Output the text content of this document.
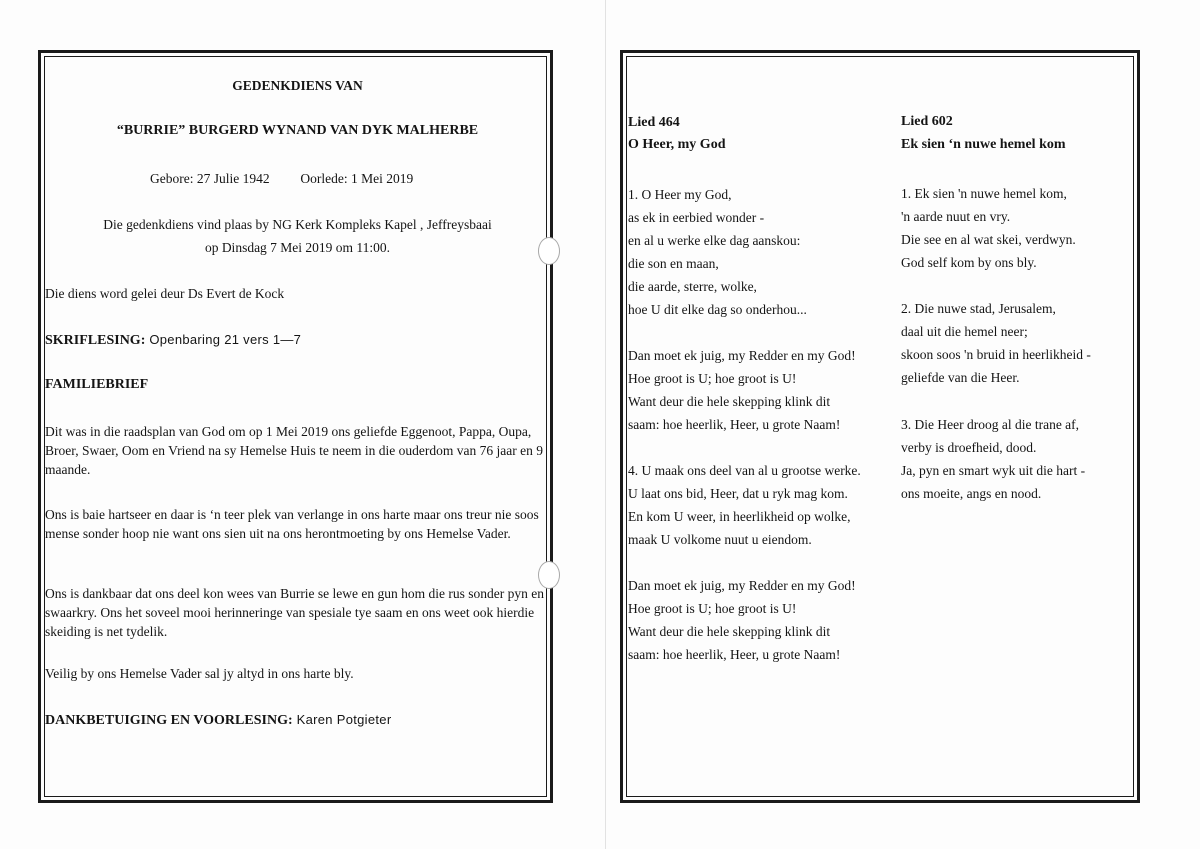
GEDENKDIENS VAN
“BURRIE” BURGERD WYNAND VAN DYK MALHERBE
Gebore: 27 Julie 1942 Oorlede: 1 Mei 2019
Die gedenkdiens vind plaas by NG Kerk Kompleks Kapel , Jeffreysbaai
op Dinsdag 7 Mei 2019 om 11:00.
Die diens word gelei deur Ds Evert de Kock
SKRIFLESING: Openbaring 21 vers 1—7
FAMILIEBRIEF
Dit was in die raadsplan van God om op 1 Mei 2019 ons geliefde Eggenoot, Pappa, Oupa, Broer, Swaer, Oom en Vriend na sy Hemelse Huis te neem in die ouderdom van 76 jaar en 9 maande.
Ons is baie hartseer en daar is ‘n teer plek van verlange in ons harte maar ons treur nie soos mense sonder hoop nie want ons sien uit na ons herontmoeting by ons Hemelse Vader.
Ons is dankbaar dat ons deel kon wees van Burrie se lewe en gun hom die rus sonder pyn en swaarkry. Ons het soveel mooi herinneringe van spesiale tye saam en ons weet ook hierdie skeiding is net tydelik.
Veilig by ons Hemelse Vader sal jy altyd in ons harte bly.
DANKBETUIGING EN VOORLESING: Karen Potgieter
Lied 464
O Heer, my God
1. O Heer my God,
as ek in eerbied wonder -
en al u werke elke dag aanskou:
die son en maan,
die aarde, sterre, wolke,
hoe U dit elke dag so onderhou...
Dan moet ek juig, my Redder en my God!
Hoe groot is U; hoe groot is U!
Want deur die hele skepping klink dit
saam: hoe heerlik, Heer, u grote Naam!
4. U maak ons deel van al u grootse werke.
U laat ons bid, Heer, dat u ryk mag kom.
En kom U weer, in heerlikheid op wolke,
maak U volkome nuut u eiendom.
Dan moet ek juig, my Redder en my God!
Hoe groot is U; hoe groot is U!
Want deur die hele skepping klink dit
saam: hoe heerlik, Heer, u grote Naam!
Lied 602
Ek sien ‘n nuwe hemel kom
1. Ek sien 'n nuwe hemel kom,
'n aarde nuut en vry.
Die see en al wat skei, verdwyn.
God self kom by ons bly.
2. Die nuwe stad, Jerusalem,
daal uit die hemel neer;
skoon soos 'n bruid in heerlikheid -
geliefde van die Heer.
3. Die Heer droog al die trane af,
verby is droefheid, dood.
Ja, pyn en smart wyk uit die hart -
ons moeite, angs en nood.
